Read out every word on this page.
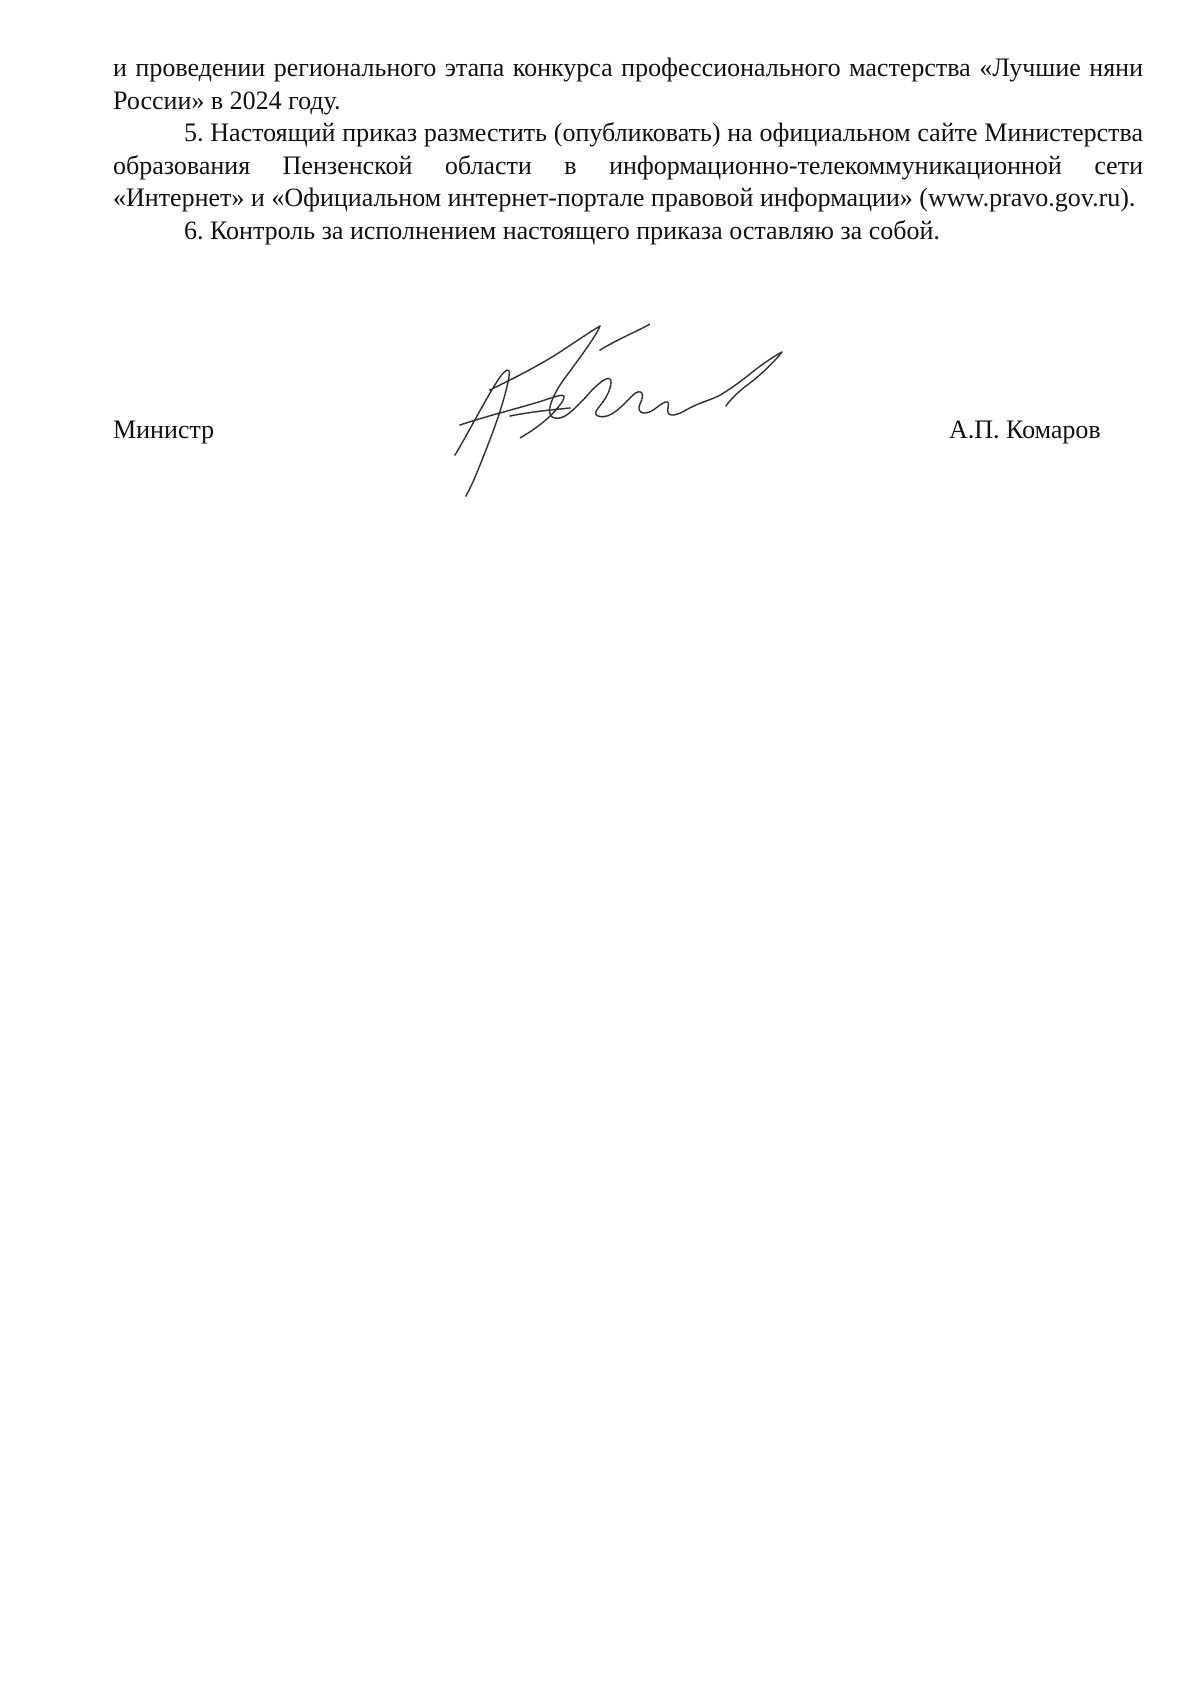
и проведении регионального этапа конкурса профессионального мастерства «Лучшие няни России» в 2024 году.

5. Настоящий приказ разместить (опубликовать) на официальном сайте Министерства образования Пензенской области в информационно-телекоммуникационной сети «Интернет» и «Официальном интернет-портале правовой информации» (www.pravo.gov.ru).

6. Контроль за исполнением настоящего приказа оставляю за собой.

Министр	А.П. Комаров
